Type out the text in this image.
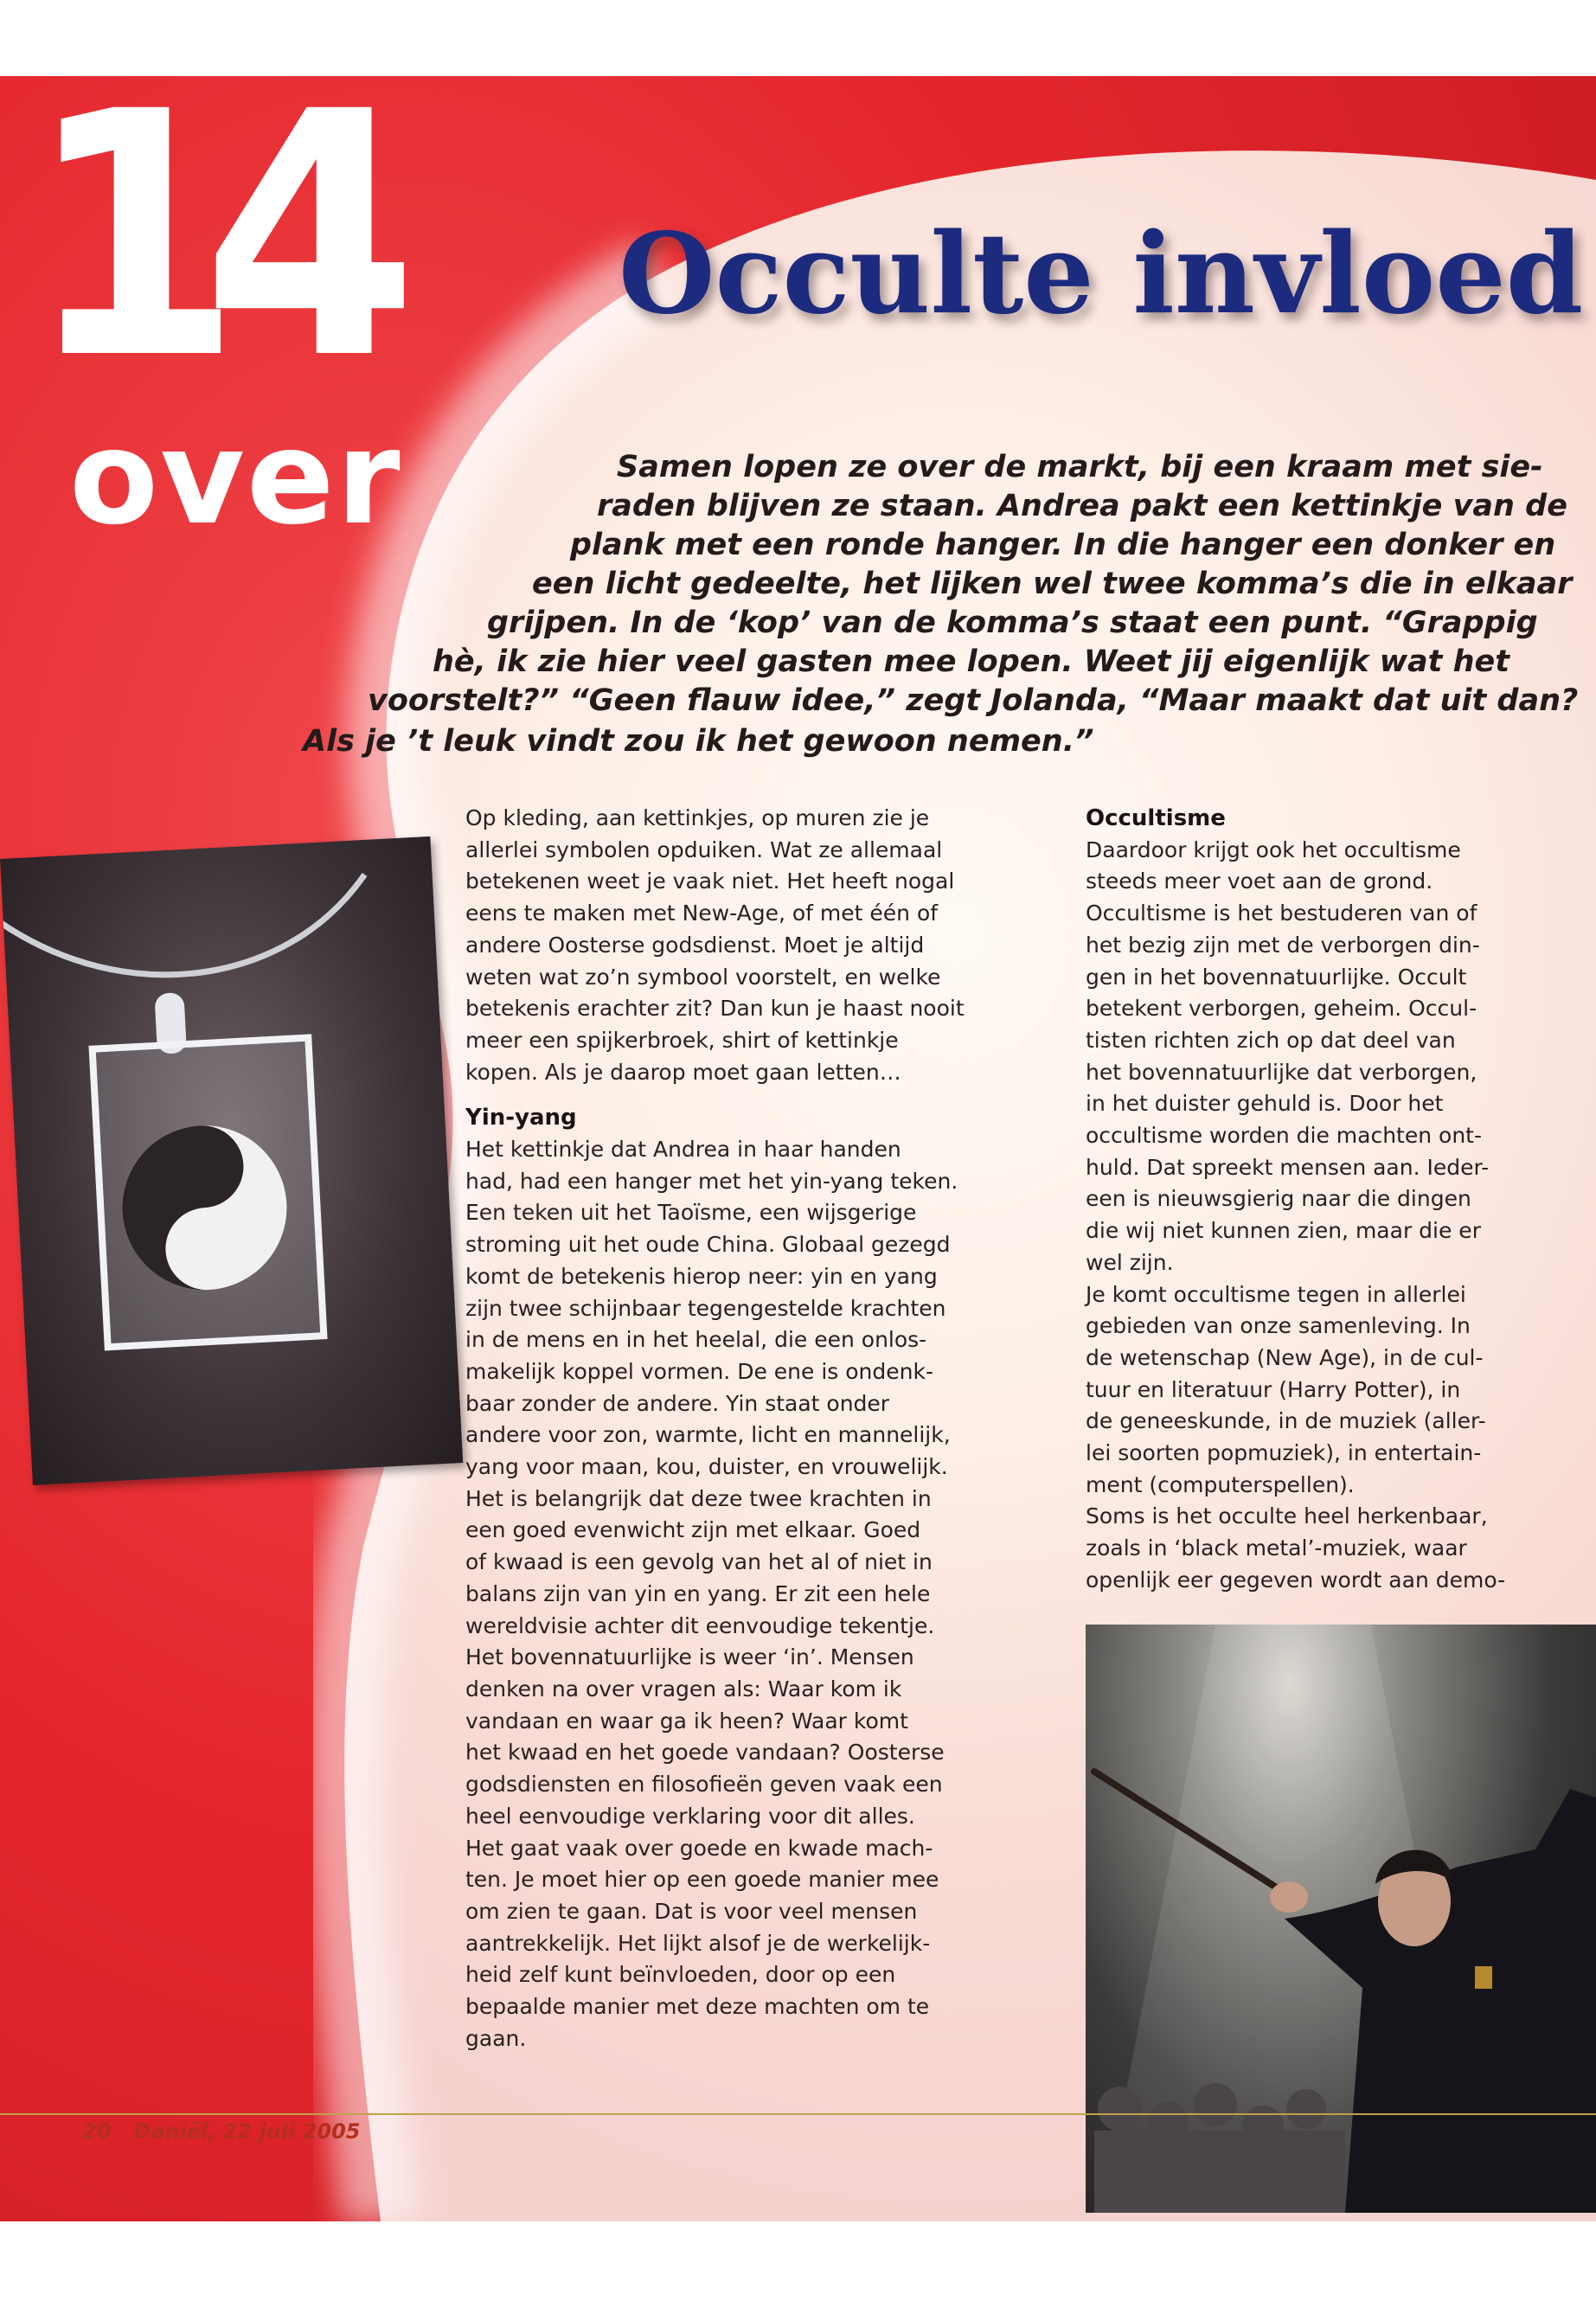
14
over
Occulte invloed

Samen lopen ze over de markt, bij een kraam met sie-

raden blijven ze staan. Andrea pakt een kettinkje van de

plank met een ronde hanger. In die hanger een donker en

een licht gedeelte, het lijken wel twee komma’s die in elkaar

grijpen. In de ‘kop’ van de komma’s staat een punt. “Grappig

hè, ik zie hier veel gasten mee lopen. Weet jij eigenlijk wat het

voorstelt?” “Geen flauw idee,” zegt Jolanda, “Maar maakt dat uit dan?

Als je ’t leuk vindt zou ik het gewoon nemen.”

Op kleding, aan kettinkjes, op muren zie je
allerlei symbolen opduiken. Wat ze allemaal
betekenen weet je vaak niet. Het heeft nogal
eens te maken met New-Age, of met één of
andere Oosterse godsdienst. Moet je altijd
weten wat zo’n symbool voorstelt, en welke
betekenis erachter zit? Dan kun je haast nooit
meer een spijkerbroek, shirt of kettinkje
kopen. Als je daarop moet gaan letten…

Yin-yang

Het kettinkje dat Andrea in haar handen
had, had een hanger met het yin-yang teken.
Een teken uit het Taoïsme, een wijsgerige
stroming uit het oude China. Globaal gezegd
komt de betekenis hierop neer: yin en yang
zijn twee schijnbaar tegengestelde krachten
in de mens en in het heelal, die een onlos-
makelijk koppel vormen. De ene is ondenk-
baar zonder de andere. Yin staat onder
andere voor zon, warmte, licht en mannelijk,
yang voor maan, kou, duister, en vrouwelijk.
Het is belangrijk dat deze twee krachten in
een goed evenwicht zijn met elkaar. Goed
of kwaad is een gevolg van het al of niet in
balans zijn van yin en yang. Er zit een hele
wereldvisie achter dit eenvoudige tekentje.
Het bovennatuurlijke is weer ‘in’. Mensen
denken na over vragen als: Waar kom ik
vandaan en waar ga ik heen? Waar komt
het kwaad en het goede vandaan? Oosterse
godsdiensten en filosofieën geven vaak een
heel eenvoudige verklaring voor dit alles.
Het gaat vaak over goede en kwade mach-
ten. Je moet hier op een goede manier mee
om zien te gaan. Dat is voor veel mensen
aantrekkelijk. Het lijkt alsof je de werkelijk-
heid zelf kunt beïnvloeden, door op een
bepaalde manier met deze machten om te
gaan.

Occultisme

Daardoor krijgt ook het occultisme
steeds meer voet aan de grond.
Occultisme is het bestuderen van of
het bezig zijn met de verborgen din-
gen in het bovennatuurlijke. Occult
betekent verborgen, geheim. Occul-
tisten richten zich op dat deel van
het bovennatuurlijke dat verborgen,
in het duister gehuld is. Door het
occultisme worden die machten ont-
huld. Dat spreekt mensen aan. Ieder-
een is nieuwsgierig naar die dingen
die wij niet kunnen zien, maar die er
wel zijn.
Je komt occultisme tegen in allerlei
gebieden van onze samenleving. In
de wetenschap (New Age), in de cul-
tuur en literatuur (Harry Potter), in
de geneeskunde, in de muziek (aller-
lei soorten popmuziek), in entertain-
ment (computerspellen).
Soms is het occulte heel herkenbaar,
zoals in ‘black metal’-muziek, waar
openlijk eer gegeven wordt aan demo-

20 Daniël, 22 juli 2005
